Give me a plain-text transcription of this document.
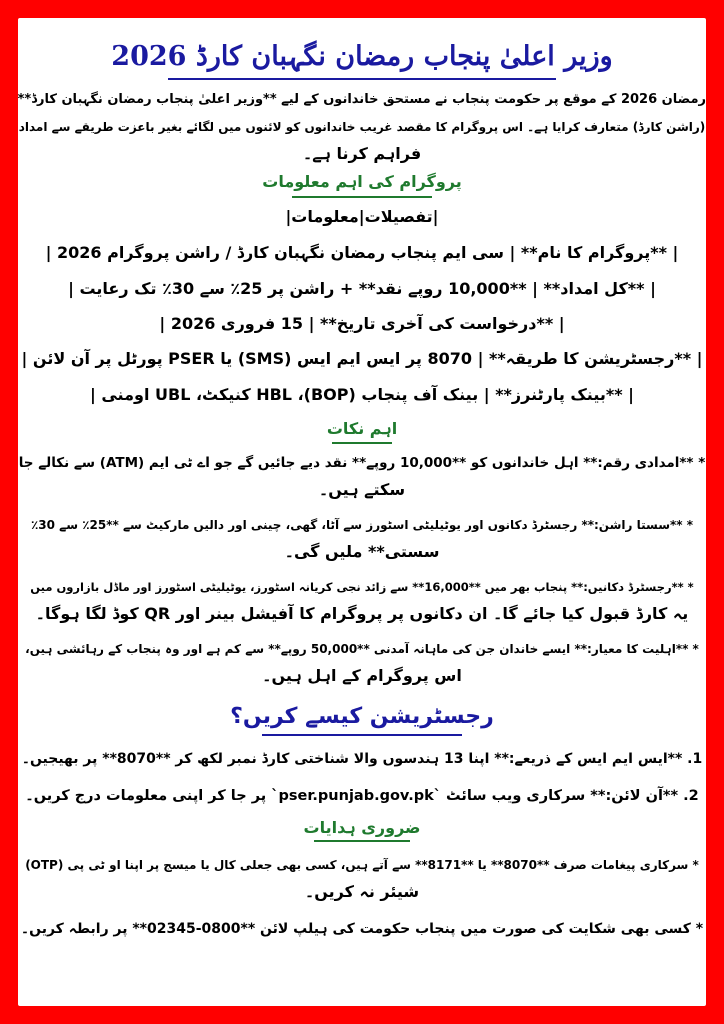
وزیر اعلیٰ پنجاب رمضان نگہبان کارڈ 2026
رمضان 2026 کے موقع پر حکومت پنجاب نے مستحق خاندانوں کے لیے **وزیر اعلیٰ پنجاب رمضان نگہبان کارڈ**
(راشن کارڈ) متعارف کرایا ہے۔ اس پروگرام کا مقصد غریب خاندانوں کو لائنوں میں لگائے بغیر باعزت طریقے سے امداد
فراہم کرنا ہے۔
پروگرام کی اہم معلومات
|تفصیلات|معلومات|
| **پروگرام کا نام** | سی ایم پنجاب رمضان نگہبان کارڈ / راشن پروگرام 2026 |
| **کل امداد** | **10,000 روپے نقد** + راشن پر 25٪ سے 30٪ تک رعایت |
| **درخواست کی آخری تاریخ** | 15 فروری 2026 |
| **رجسٹریشن کا طریقہ** | 8070 پر ایس ایم ایس (SMS) یا PSER پورٹل پر آن لائن |
| **بینک پارٹنرز** | بینک آف پنجاب (BOP)، HBL کنیکٹ، UBL اومنی |
اہم نکات
* **امدادی رقم:** اہل خاندانوں کو **10,000 روپے** نقد دیے جائیں گے جو اے ٹی ایم (ATM) سے نکالے جا
سکتے ہیں۔
* **سستا راشن:** رجسٹرڈ دکانوں اور یوٹیلیٹی اسٹورز سے آٹا، گھی، چینی اور دالیں مارکیٹ سے **25٪ سے 30٪
سستی** ملیں گی۔
* **رجسٹرڈ دکانیں:** پنجاب بھر میں **16,000** سے زائد نجی کریانہ اسٹورز، یوٹیلیٹی اسٹورز اور ماڈل بازاروں میں
یہ کارڈ قبول کیا جائے گا۔ ان دکانوں پر پروگرام کا آفیشل بینر اور QR کوڈ لگا ہوگا۔
* **اہلیت کا معیار:** ایسے خاندان جن کی ماہانہ آمدنی **50,000 روپے** سے کم ہے اور وہ پنجاب کے رہائشی ہیں،
اس پروگرام کے اہل ہیں۔
رجسٹریشن کیسے کریں؟
1. **ایس ایم ایس کے ذریعے:** اپنا 13 ہندسوں والا شناختی کارڈ نمبر لکھ کر **8070** پر بھیجیں۔
2. **آن لائن:** سرکاری ویب سائٹ `pser.punjab.gov.pk` پر جا کر اپنی معلومات درج کریں۔
ضروری ہدایات
* سرکاری پیغامات صرف **8070** یا **8171** سے آتے ہیں، کسی بھی جعلی کال یا میسج پر اپنا او ٹی پی (OTP)
شیئر نہ کریں۔
* کسی بھی شکایت کی صورت میں پنجاب حکومت کی ہیلپ لائن **0800-02345** پر رابطہ کریں۔
